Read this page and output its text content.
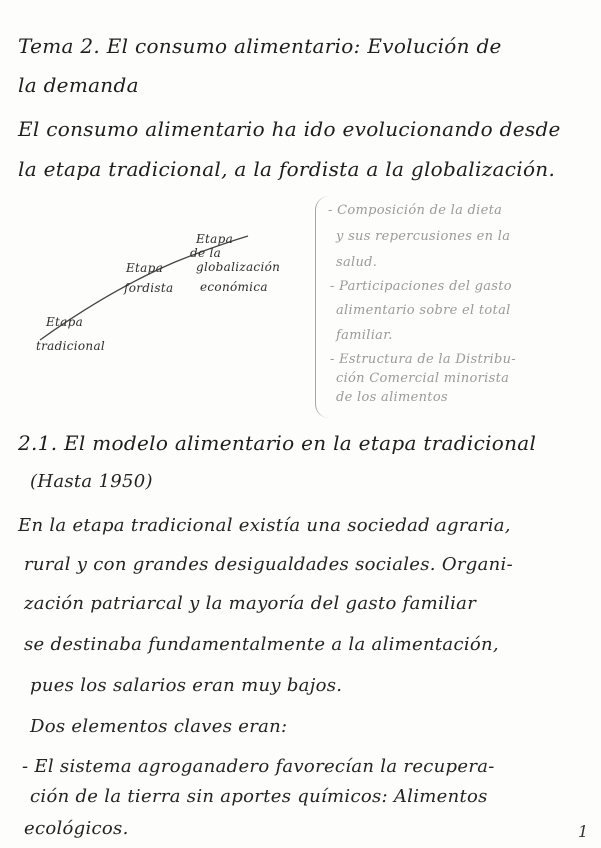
Tema 2. El consumo alimentario: Evolución de
la demanda
El consumo alimentario ha ido evolucionando desde
la etapa tradicional, a la fordista a la globalización.
Etapa
tradicional
Etapa
fordista
Etapa
de la
globalización
económica
- Composición de la dieta
y sus repercusiones en la
salud.
- Participaciones del gasto
alimentario sobre el total
familiar.
- Estructura de la Distribu-
ción Comercial minorista
de los alimentos
2.1. El modelo alimentario en la etapa tradicional
(Hasta 1950)
En la etapa tradicional existía una sociedad agraria,
rural y con grandes desigualdades sociales. Organi-
zación patriarcal y la mayoría del gasto familiar
se destinaba fundamentalmente a la alimentación,
pues los salarios eran muy bajos.
Dos elementos claves eran:
- El sistema agroganadero favorecían la recupera-
ción de la tierra sin aportes químicos: Alimentos
ecológicos.	1
